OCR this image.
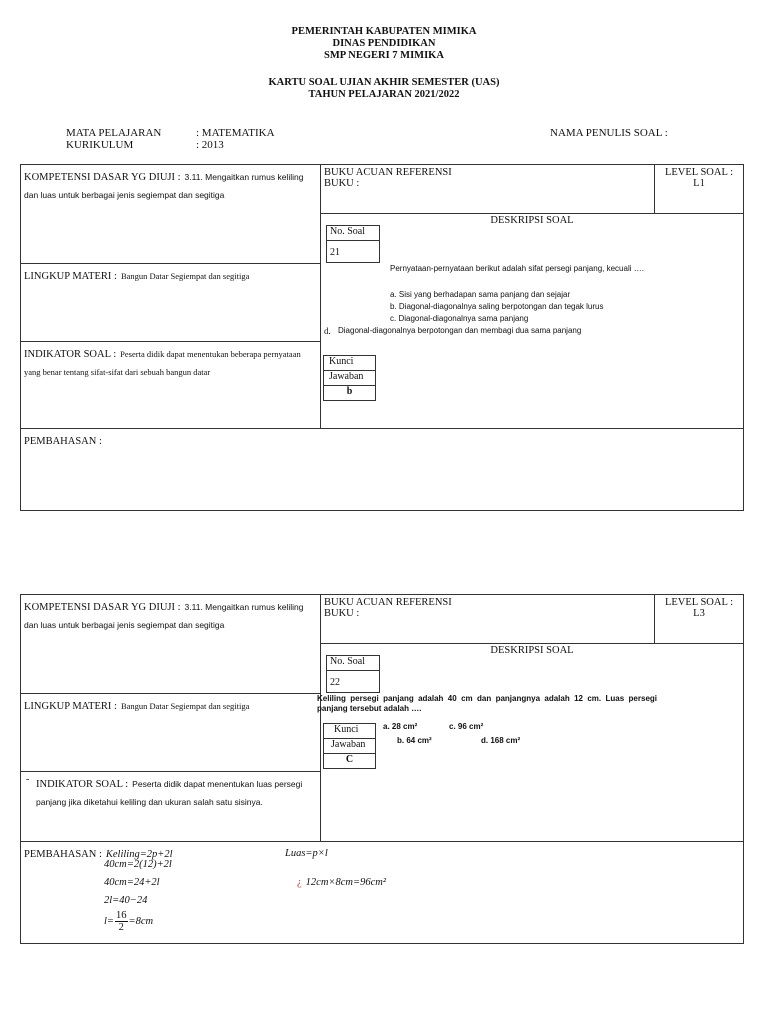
PEMERINTAH KABUPATEN MIMIKA
DINAS PENDIDIKAN
SMP NEGERI 7 MIMIKA
KARTU SOAL UJIAN AKHIR SEMESTER (UAS)
TAHUN PELAJARAN 2021/2022
MATA PELAJARAN	: MATEMATIKA
KURIKULUM	: 2013
NAMA PENULIS SOAL :
KOMPETENSI DASAR YG DIUJI : 3.11. Mengaitkan rumus keliling dan luas untuk berbagai jenis segiempat dan segitiga
LINGKUP MATERI : Bangun Datar Segiempat dan segitiga
INDIKATOR SOAL : Peserta didik dapat menentukan beberapa pernyataan yang benar tentang sifat-sifat dari sebuah bangun datar
BUKU ACUAN REFERENSI
BUKU :
LEVEL SOAL :
L1
DESKRIPSI SOAL
No. Soal
21
Pernyataan-pernyataan berikut adalah sifat persegi panjang, kecuali ….
a. Sisi yang berhadapan sama panjang dan sejajar
b. Diagonal-diagonalnya saling berpotongan dan tegak lurus
c. Diagonal-diagonalnya sama panjang
d. Diagonal-diagonalnya berpotongan dan membagi dua sama panjang
Kunci
Jawaban
b
PEMBAHASAN :
KOMPETENSI DASAR YG DIUJI : 3.11. Mengaitkan rumus keliling dan luas untuk berbagai jenis segiempat dan segitiga
LINGKUP MATERI : Bangun Datar Segiempat dan segitiga
- INDIKATOR SOAL : Peserta didik dapat menentukan luas persegi panjang jika diketahui keliling dan ukuran salah satu sisinya.
BUKU ACUAN REFERENSI
BUKU :
LEVEL SOAL :
L3
DESKRIPSI SOAL
No. Soal
22
Keliling persegi panjang adalah 40 cm dan panjangnya adalah 12 cm. Luas persegi panjang tersebut adalah ….
Kunci
Jawaban
C
a. 28 cm²	c. 96 cm²
b. 64 cm²	d. 168 cm²
PEMBAHASAN : Keliling=2p+2l
40cm=2(12)+2l
40cm=24+2l
2l=40−24
$l= \frac{16}{2} =8cm$
Luas=p×l
¿ 12cm×8cm=96cm²
